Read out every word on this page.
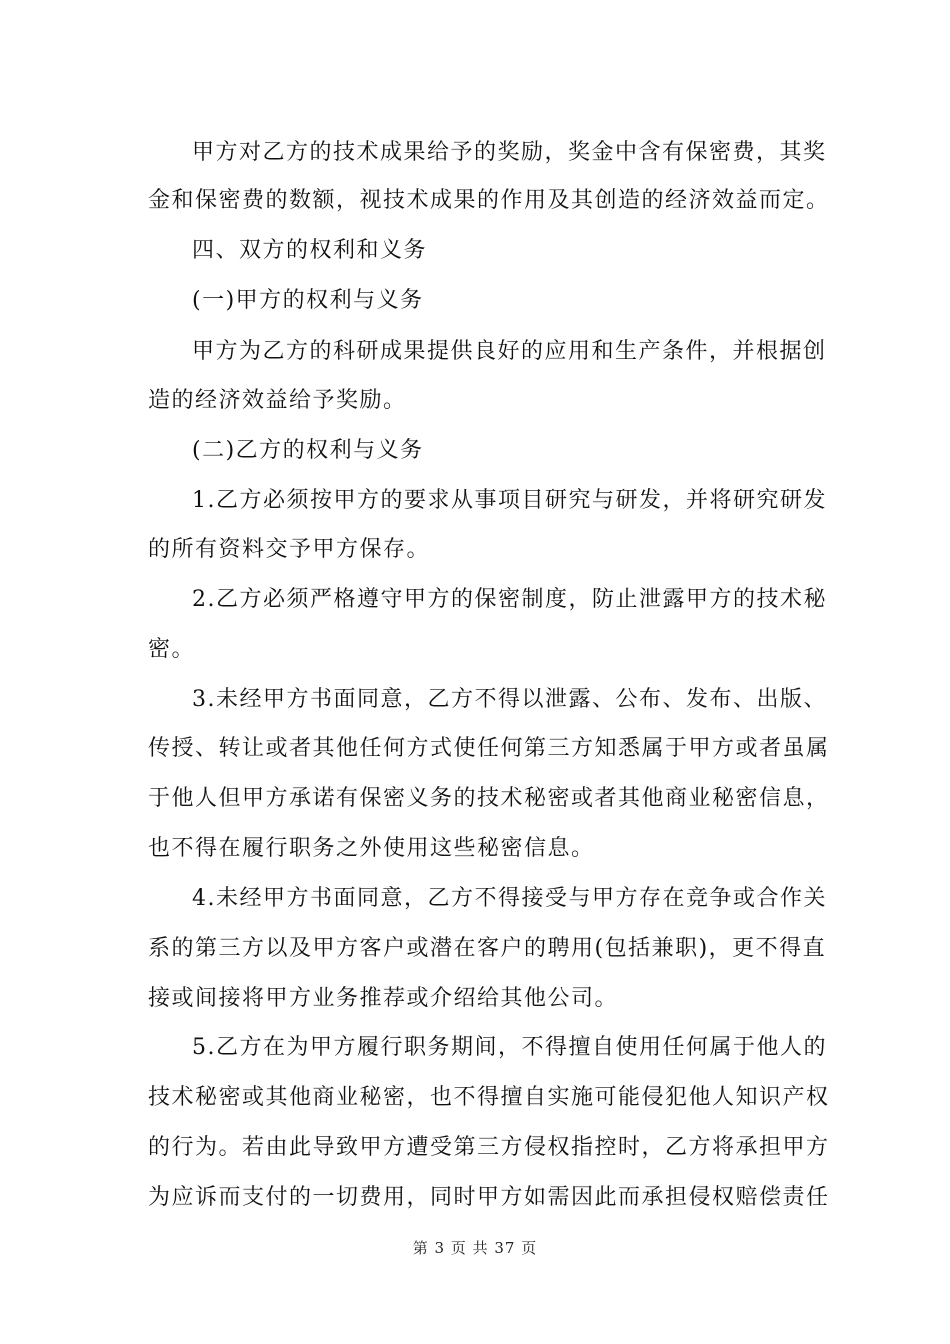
甲方对乙方的技术成果给予的奖励，奖金中含有保密费，其奖
金和保密费的数额，视技术成果的作用及其创造的经济效益而定。
四、双方的权利和义务
(一)甲方的权利与义务
甲方为乙方的科研成果提供良好的应用和生产条件，并根据创
造的经济效益给予奖励。
(二)乙方的权利与义务
1.乙方必须按甲方的要求从事项目研究与研发，并将研究研发
的所有资料交予甲方保存。
2.乙方必须严格遵守甲方的保密制度，防止泄露甲方的技术秘
密。
3.未经甲方书面同意，乙方不得以泄露、公布、发布、出版、
传授、转让或者其他任何方式使任何第三方知悉属于甲方或者虽属
于他人但甲方承诺有保密义务的技术秘密或者其他商业秘密信息，
也不得在履行职务之外使用这些秘密信息。
4.未经甲方书面同意，乙方不得接受与甲方存在竞争或合作关
系的第三方以及甲方客户或潜在客户的聘用(包括兼职)，更不得直
接或间接将甲方业务推荐或介绍给其他公司。
5.乙方在为甲方履行职务期间，不得擅自使用任何属于他人的
技术秘密或其他商业秘密，也不得擅自实施可能侵犯他人知识产权
的行为。若由此导致甲方遭受第三方侵权指控时，乙方将承担甲方
为应诉而支付的一切费用，同时甲方如需因此而承担侵权赔偿责任
第 3 页 共 37 页
